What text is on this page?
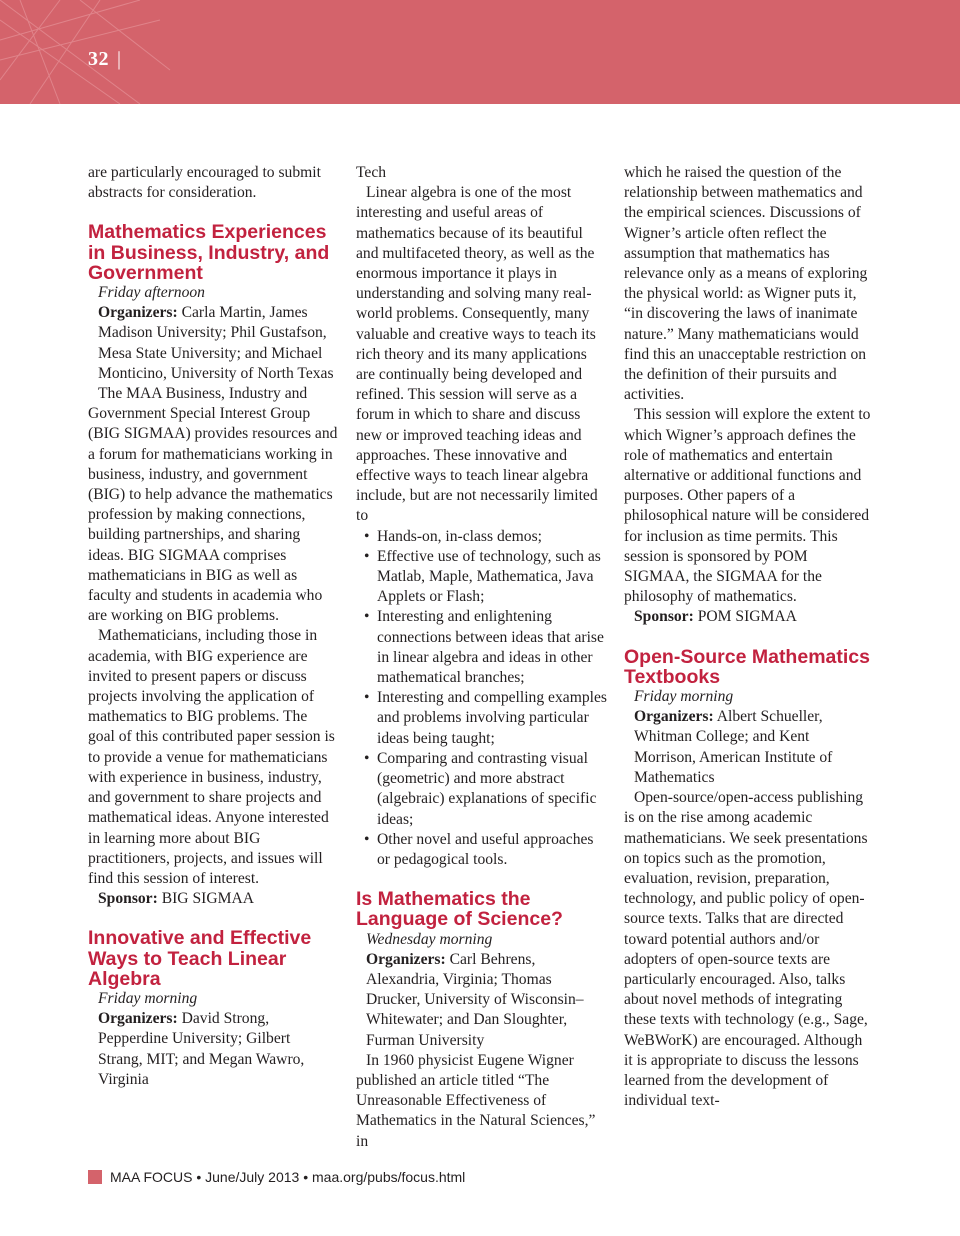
32 |

are particularly encouraged to submit abstracts for consideration.

Mathematics Experiences in Business, Industry, and Government

Friday afternoon

Organizers: Carla Martin, James Madison University; Phil Gustafson, Mesa State University; and Michael Monticino, University of North Texas

The MAA Business, Industry and Government Special Interest Group (BIG SIGMAA) provides resources and a forum for mathematicians working in business, industry, and government (BIG) to help advance the mathematics profession by making connections, building partnerships, and sharing ideas. BIG SIGMAA comprises mathematicians in BIG as well as faculty and students in academia who are working on BIG problems.

Mathematicians, including those in academia, with BIG experience are invited to present papers or discuss projects involving the application of mathematics to BIG problems. The goal of this contributed paper session is to provide a venue for mathematicians with experience in business, industry, and government to share projects and mathematical ideas. Anyone interested in learning more about BIG practitioners, projects, and issues will find this session of interest.

Sponsor: BIG SIGMAA

Innovative and Effective Ways to Teach Linear Algebra

Friday morning

Organizers: David Strong, Pepperdine University; Gilbert Strang, MIT; and Megan Wawro, Virginia

Tech

Linear algebra is one of the most interesting and useful areas of mathematics because of its beautiful and multifaceted theory, as well as the enormous importance it plays in understanding and solving many real-world problems. Consequently, many valuable and creative ways to teach its rich theory and its many applications are continually being developed and refined. This session will serve as a forum in which to share and discuss new or improved teaching ideas and approaches. These innovative and effective ways to teach linear algebra include, but are not necessarily limited to

• Hands-on, in-class demos;
• Effective use of technology, such as Matlab, Maple, Mathematica, Java Applets or Flash;
• Interesting and enlightening connections between ideas that arise in linear algebra and ideas in other mathematical branches;
• Interesting and compelling examples and problems involving particular ideas being taught;
• Comparing and contrasting visual (geometric) and more abstract (algebraic) explanations of specific ideas;
• Other novel and useful approaches or pedagogical tools.
Is Mathematics the Language of Science?

Wednesday morning

Organizers: Carl Behrens, Alexandria, Virginia; Thomas Drucker, University of Wisconsin–Whitewater; and Dan Sloughter, Furman University

In 1960 physicist Eugene Wigner published an article titled “The Unreasonable Effectiveness of Mathematics in the Natural Sciences,” in

which he raised the question of the relationship between mathematics and the empirical sciences. Discussions of Wigner’s article often reflect the assumption that mathematics has relevance only as a means of exploring the physical world: as Wigner puts it, “in discovering the laws of inanimate nature.” Many mathematicians would find this an unacceptable restriction on the definition of their pursuits and activities.

This session will explore the extent to which Wigner’s approach defines the role of mathematics and entertain alternative or additional functions and purposes. Other papers of a philosophical nature will be considered for inclusion as time permits. This session is sponsored by POM SIGMAA, the SIGMAA for the philosophy of mathematics.

Sponsor: POM SIGMAA

Open-Source Mathematics Textbooks

Friday morning

Organizers: Albert Schueller, Whitman College; and Kent Morrison, American Institute of Mathematics

Open-source/open-access publishing is on the rise among academic mathematicians. We seek presentations on topics such as the promotion, evaluation, revision, preparation, technology, and public policy of open-source texts. Talks that are directed toward potential authors and/or adopters of open-source texts are particularly encouraged. Also, talks about novel methods of integrating these texts with technology (e.g., Sage, WeBWorK) are encouraged. Although it is appropriate to discuss the lessons learned from the development of individual text-

MAA FOCUS • June/July 2013 • maa.org/pubs/focus.html
